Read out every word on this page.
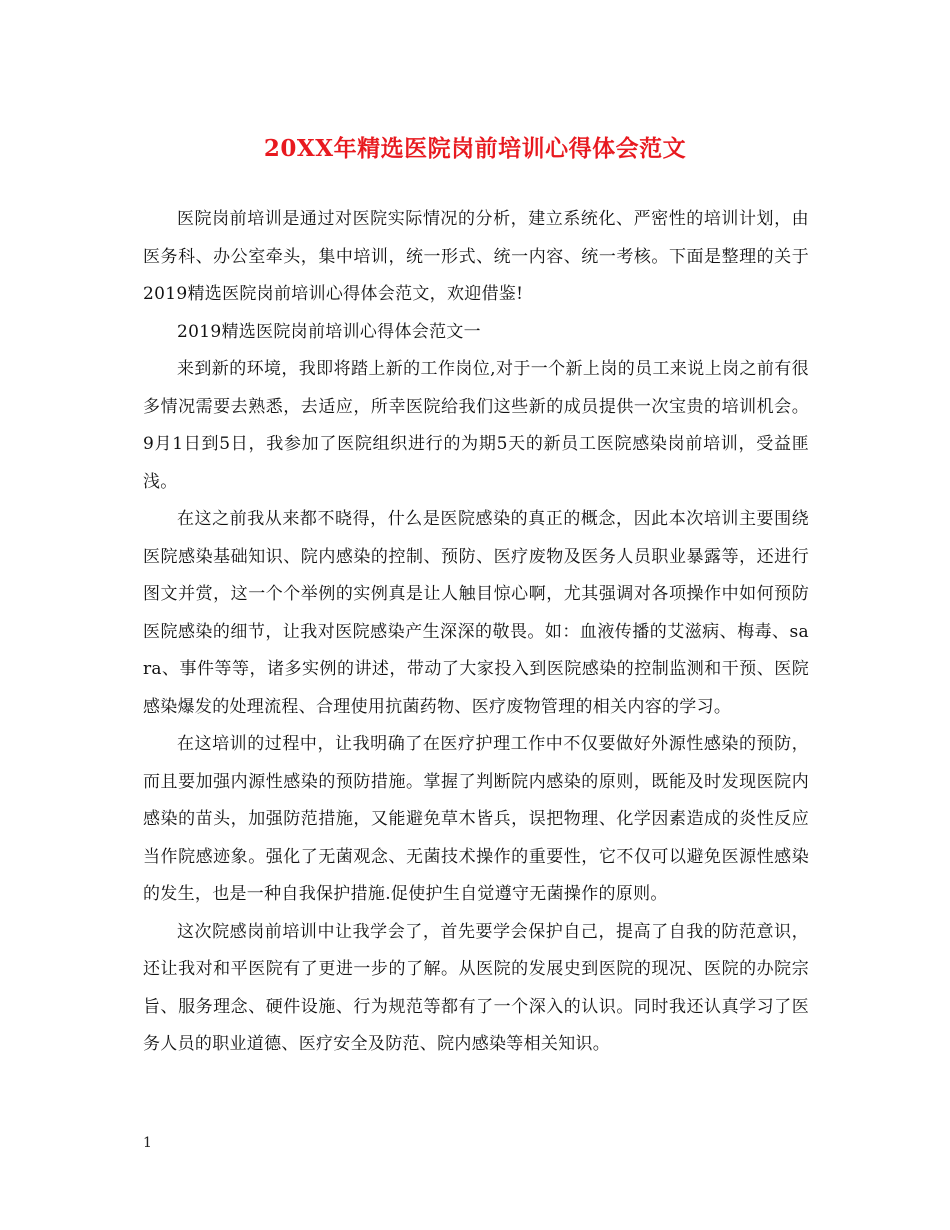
20XX年精选医院岗前培训心得体会范文

医院岗前培训是通过对医院实际情况的分析，建立系统化、严密性的培训计划，由医务科、办公室牵头，集中培训，统一形式、统一内容、统一考核。下面是整理的关于2019精选医院岗前培训心得体会范文，欢迎借鉴!

2019精选医院岗前培训心得体会范文一

来到新的环境，我即将踏上新的工作岗位,对于一个新上岗的员工来说上岗之前有很多情况需要去熟悉，去适应，所幸医院给我们这些新的成员提供一次宝贵的培训机会。9月1日到5日，我参加了医院组织进行的为期5天的新员工医院感染岗前培训，受益匪浅。

在这之前我从来都不晓得，什么是医院感染的真正的概念，因此本次培训主要围绕医院感染基础知识、院内感染的控制、预防、医疗废物及医务人员职业暴露等，还进行图文并赏，这一个个举例的实例真是让人触目惊心啊，尤其强调对各项操作中如何预防医院感染的细节，让我对医院感染产生深深的敬畏。如：血液传播的艾滋病、梅毒、sara、事件等等，诸多实例的讲述，带动了大家投入到医院感染的控制监测和干预、医院感染爆发的处理流程、合理使用抗菌药物、医疗废物管理的相关内容的学习。

在这培训的过程中，让我明确了在医疗护理工作中不仅要做好外源性感染的预防，而且要加强内源性感染的预防措施。掌握了判断院内感染的原则，既能及时发现医院内感染的苗头，加强防范措施，又能避免草木皆兵，误把物理、化学因素造成的炎性反应当作院感迹象。强化了无菌观念、无菌技术操作的重要性，它不仅可以避免医源性感染的发生，也是一种自我保护措施.促使护生自觉遵守无菌操作的原则。

这次院感岗前培训中让我学会了，首先要学会保护自己，提高了自我的防范意识，还让我对和平医院有了更进一步的了解。从医院的发展史到医院的现况、医院的办院宗旨、服务理念、硬件设施、行为规范等都有了一个深入的认识。同时我还认真学习了医务人员的职业道德、医疗安全及防范、院内感染等相关知识。

1
